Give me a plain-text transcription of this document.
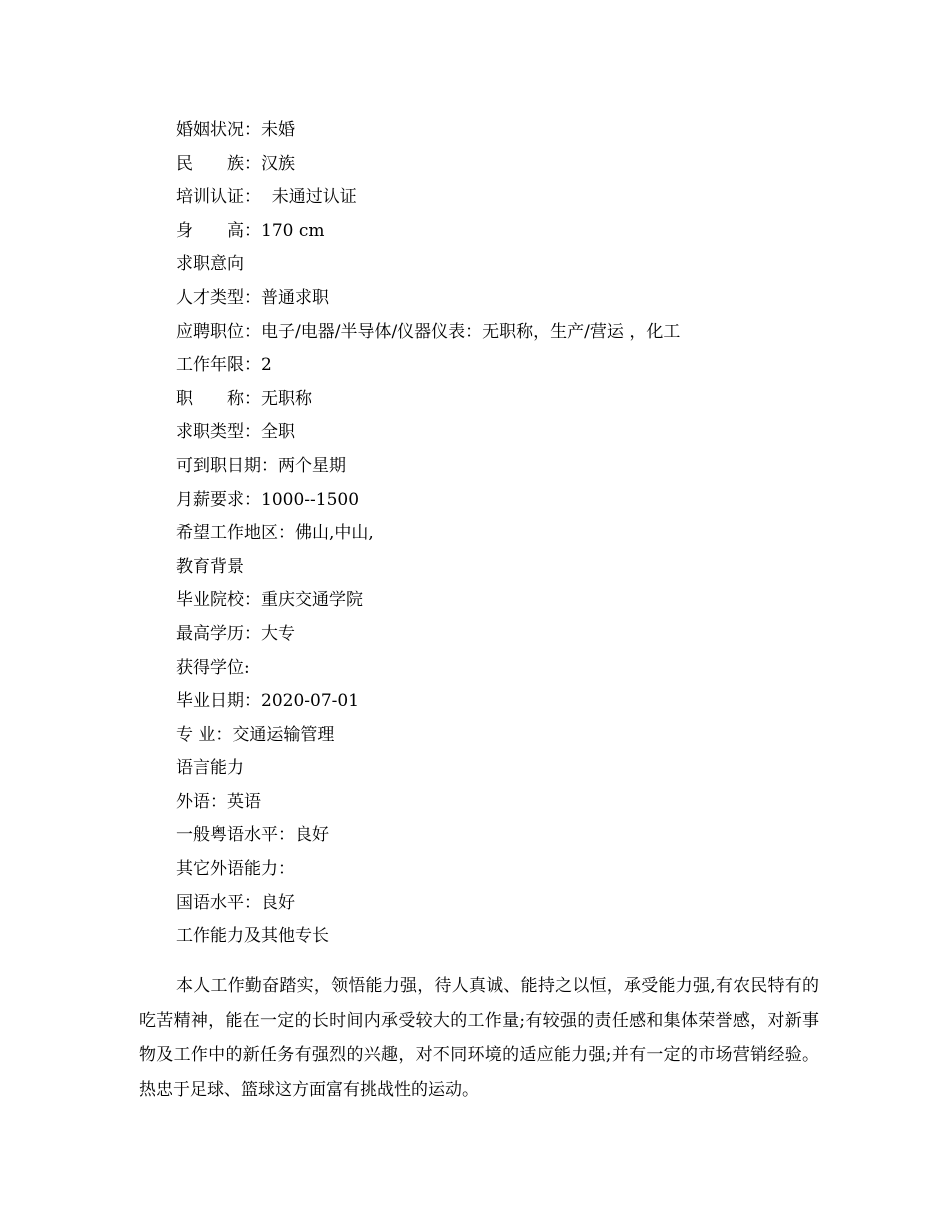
婚姻状况：未婚
民　　族：汉族
培训认证：  未通过认证
身　　高：170 cm
求职意向
人才类型：普通求职
应聘职位：电子/电器/半导体/仪器仪表：无职称，生产/营运 ，化工
工作年限：2
职　　称：无职称
求职类型：全职
可到职日期：两个星期
月薪要求：1000--1500
希望工作地区：佛山,中山,
教育背景
毕业院校：重庆交通学院
最高学历：大专
获得学位:
毕业日期：2020-07-01
专 业：交通运输管理
语言能力
外语：英语
一般粤语水平：良好
其它外语能力：
国语水平：良好
工作能力及其他专长

本人工作勤奋踏实，领悟能力强，待人真诚、能持之以恒，承受能力强,有农民特有的吃苦精神，能在一定的长时间内承受较大的工作量;有较强的责任感和集体荣誉感，对新事物及工作中的新任务有强烈的兴趣，对不同环境的适应能力强;并有一定的市场营销经验。 热忠于足球、篮球这方面富有挑战性的运动。
